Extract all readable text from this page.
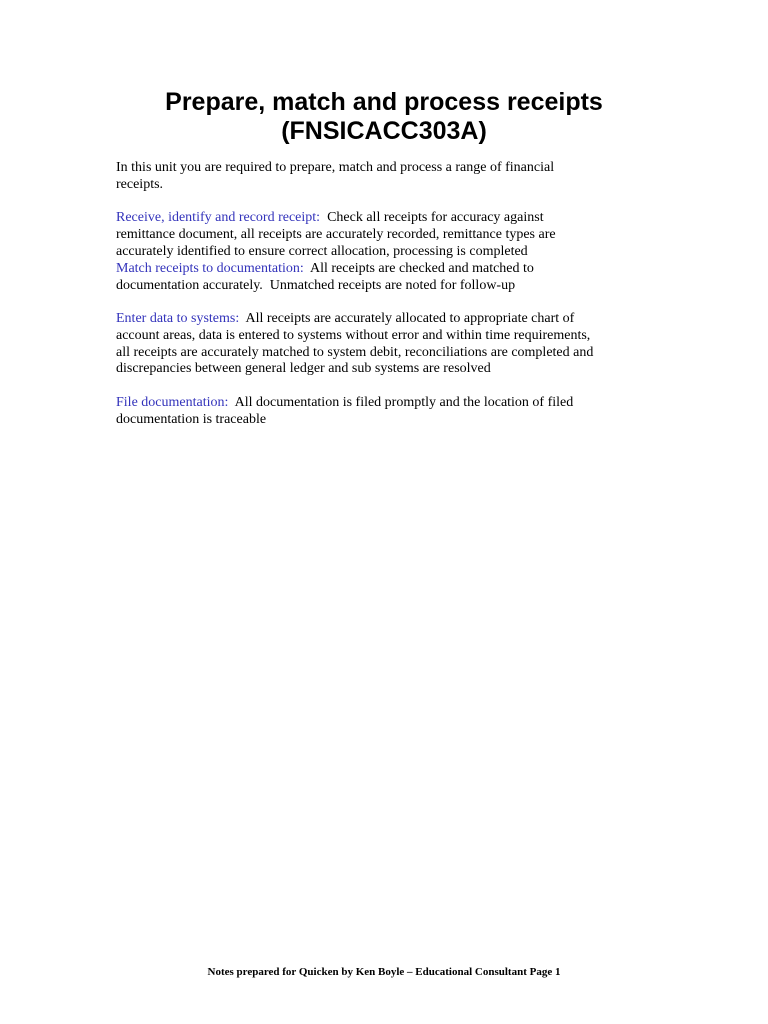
Prepare, match and process receipts
(FNSICACC303A)

In this unit you are required to prepare, match and process a range of financial
receipts.

Receive, identify and record receipt:  Check all receipts for accuracy against
remittance document, all receipts are accurately recorded, remittance types are
accurately identified to ensure correct allocation, processing is completed

Match receipts to documentation:  All receipts are checked and matched to
documentation accurately.  Unmatched receipts are noted for follow-up

Enter data to systems:  All receipts are accurately allocated to appropriate chart of
account areas, data is entered to systems without error and within time requirements,
all receipts are accurately matched to system debit, reconciliations are completed and
discrepancies between general ledger and sub systems are resolved

File documentation:  All documentation is filed promptly and the location of filed
documentation is traceable

Notes prepared for Quicken by Ken Boyle – Educational Consultant Page 1
